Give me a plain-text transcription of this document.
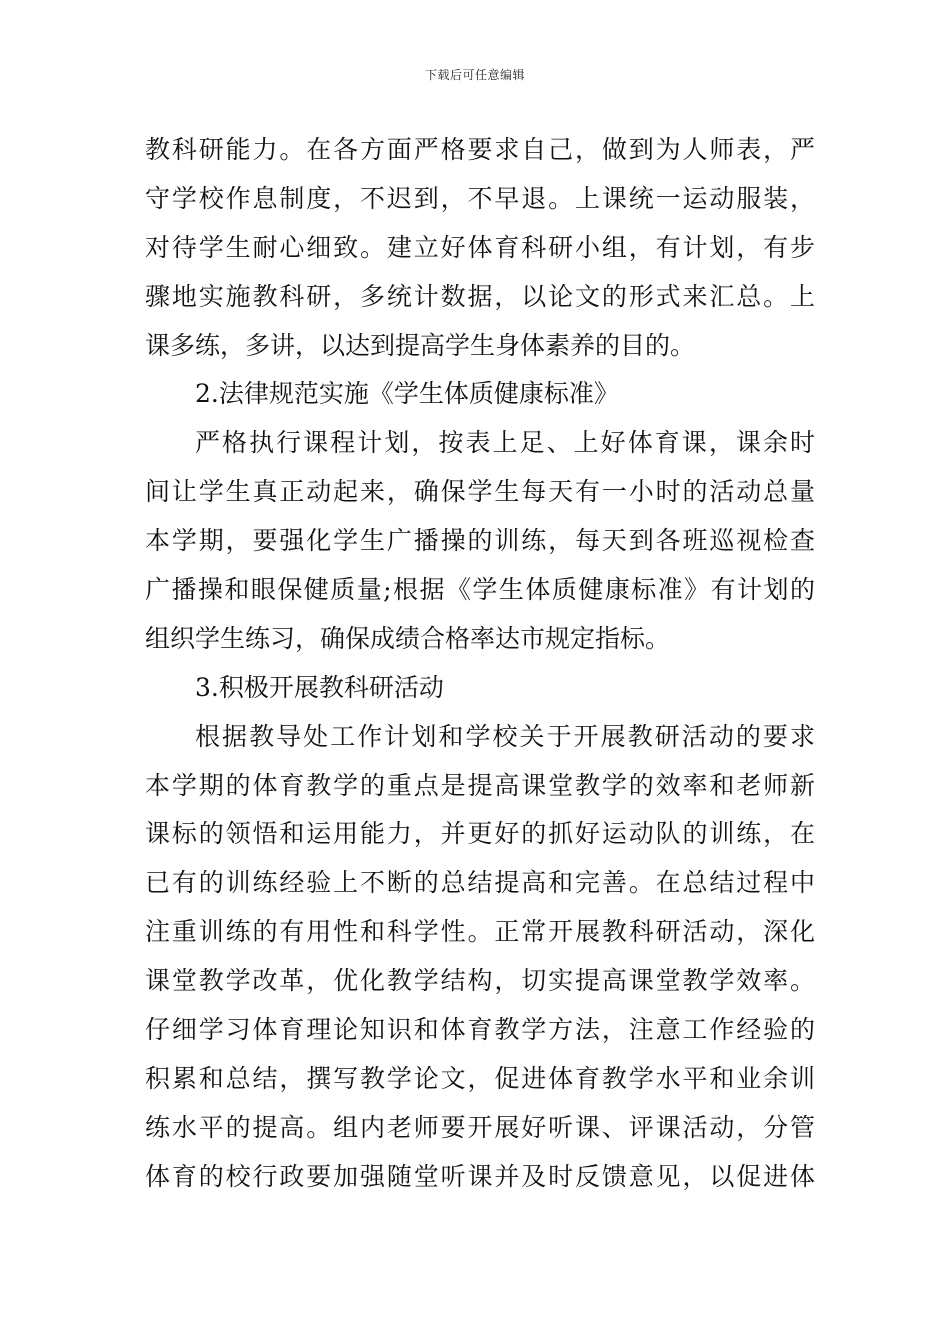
下载后可任意编辑
教科研能力。在各方面严格要求自己，做到为人师表，严
守学校作息制度，不迟到，不早退。上课统一运动服装，
对待学生耐心细致。建立好体育科研小组，有计划，有步
骤地实施教科研，多统计数据，以论文的形式来汇总。上
课多练，多讲，以达到提高学生身体素养的目的。
2.法律规范实施《学生体质健康标准》
严格执行课程计划，按表上足、上好体育课，课余时
间让学生真正动起来，确保学生每天有一小时的活动总量
本学期，要强化学生广播操的训练，每天到各班巡视检查
广播操和眼保健质量;根据《学生体质健康标准》有计划的
组织学生练习，确保成绩合格率达市规定指标。
3.积极开展教科研活动
根据教导处工作计划和学校关于开展教研活动的要求
本学期的体育教学的重点是提高课堂教学的效率和老师新
课标的领悟和运用能力，并更好的抓好运动队的训练，在
已有的训练经验上不断的总结提高和完善。在总结过程中
注重训练的有用性和科学性。正常开展教科研活动，深化
课堂教学改革，优化教学结构，切实提高课堂教学效率。
仔细学习体育理论知识和体育教学方法，注意工作经验的
积累和总结，撰写教学论文，促进体育教学水平和业余训
练水平的提高。组内老师要开展好听课、评课活动，分管
体育的校行政要加强随堂听课并及时反馈意见，以促进体
